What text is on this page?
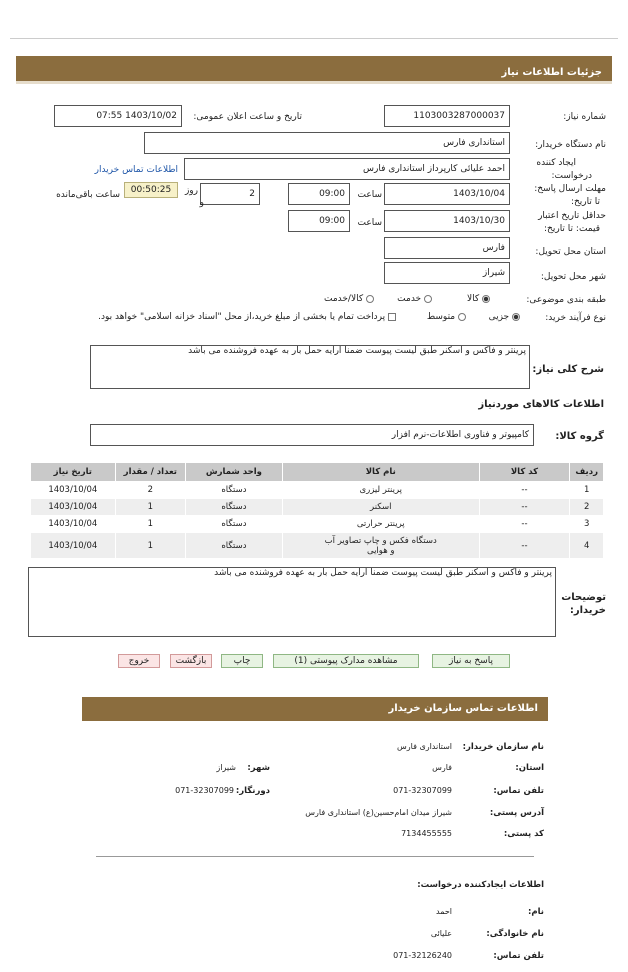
جزئیات اطلاعات نیاز
شماره نیاز:
1103003287000037
تاریخ و ساعت اعلان عمومی:
1403/10/02 07:55
نام دستگاه خریدار:
استانداری فارس
ایجاد کننده
درخواست:
احمد علیائی کارپرداز استانداری فارس
اطلاعات تماس خریدار
مهلت ارسال پاسخ:
تا تاریخ:
1403/10/04
ساعت
09:00
2
روز
و
00:50:25
ساعت باقی‌مانده
حداقل تاریخ اعتبار
قیمت: تا تاریخ:
1403/10/30
ساعت
09:00
استان محل تحویل:
فارس
شهر محل تحویل:
شیراز
طبقه بندی موضوعی:
کالا
خدمت
کالا/خدمت
نوع فرآیند خرید:
جزیی
متوسط
پرداخت تمام یا بخشی از مبلغ خرید،از محل "اسناد خزانه اسلامی" خواهد بود.
شرح کلی نیاز:
پرینتر و فاکس و اسکنر طبق لیست پیوست ضمنا ارایه حمل بار به عهده فروشنده می باشد
اطلاعات کالاهای موردنیاز
گروه کالا:
کامپیوتر و فناوری اطلاعات-نرم افزار
ردیف	کد کالا	نام کالا	واحد شمارش	تعداد / مقدار	تاریخ نیاز
1	--	پرینتر لیزری	دستگاه	2	1403/10/04
2	--	اسکنر	دستگاه	1	1403/10/04
3	--	پرینتر حرارتی	دستگاه	1	1403/10/04
4	--	دستگاه فکس و چاپ تصاویر آب و هوایی	دستگاه	1	1403/10/04
توضیحات
خریدار:
پرینتر و فاکس و اسکنر طبق لیست پیوست ضمنا ارایه حمل بار به عهده فروشنده می باشد
پاسخ به نیاز
مشاهده مدارک پیوستی (1)
چاپ
بازگشت
خروج
اطلاعات تماس سازمان خریدار
نام سازمان خریدار:
استانداری فارس
استان:
فارس
شهر:
شیراز
تلفن تماس:
071-32307099
دورنگار:
071-32307099
آدرس پستی:
شیراز میدان امام‌حسین(ع) استانداری فارس
کد پستی:
7134455555
اطلاعات ایجادکننده درخواست:
نام:
احمد
نام خانوادگی:
علیائی
تلفن تماس:
071-32126240
